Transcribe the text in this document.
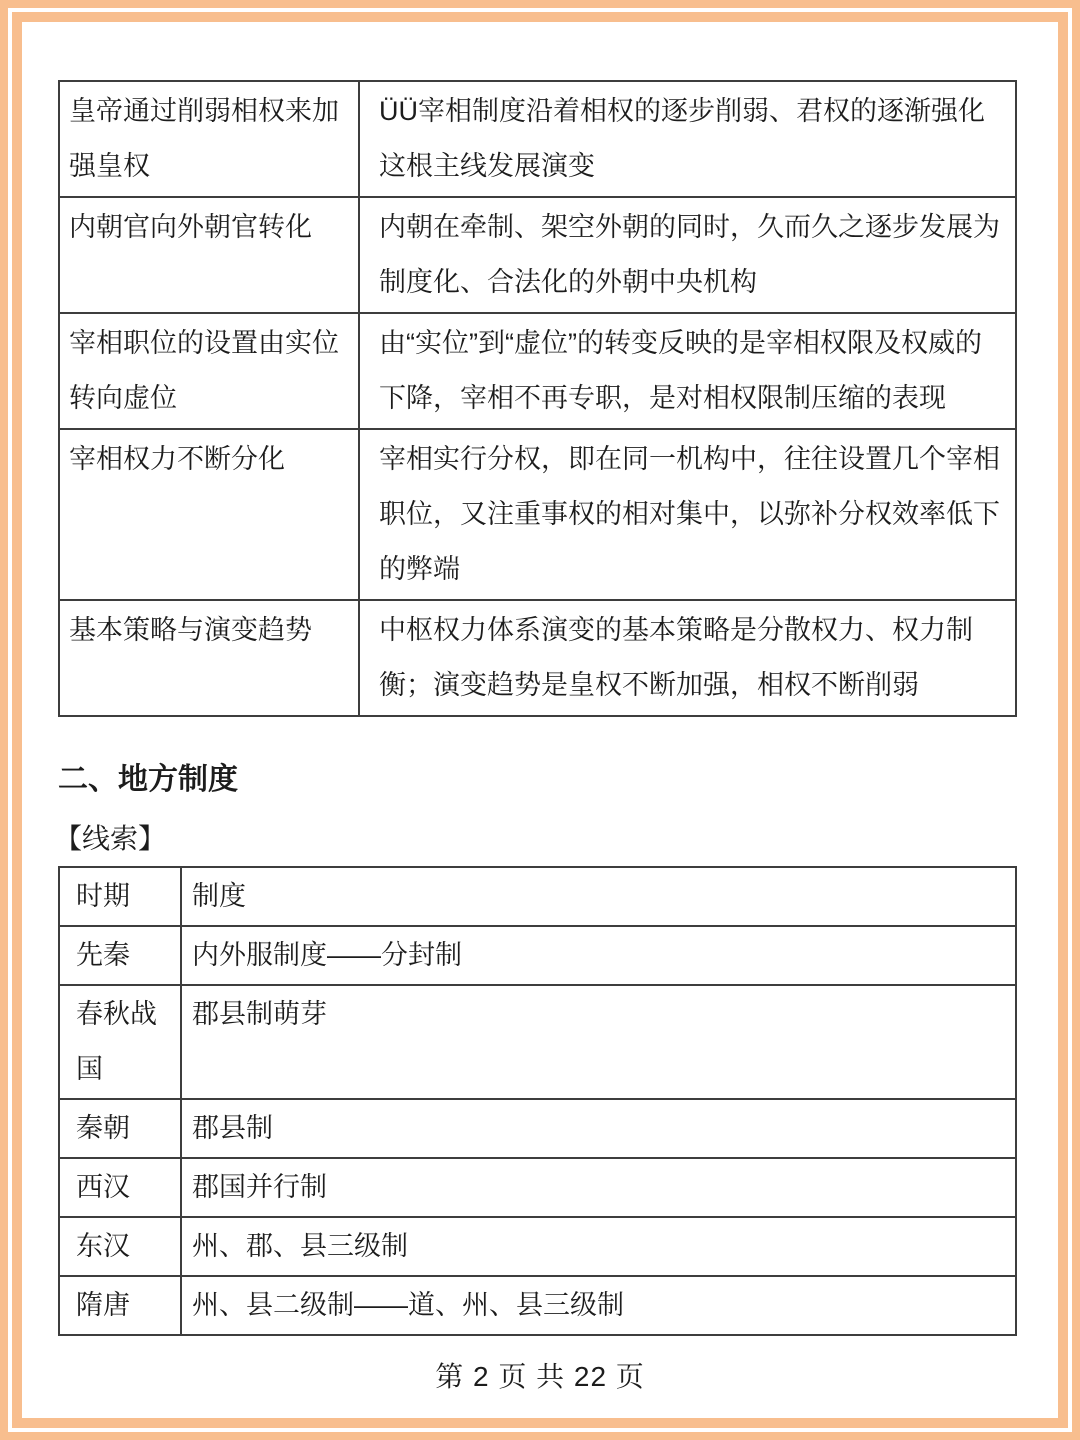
皇帝通过削弱相权来加强皇权	ÜÜ宰相制度沿着相权的逐步削弱、君权的逐渐强化这根主线发展演变
内朝官向外朝官转化	内朝在牵制、架空外朝的同时，久而久之逐步发展为制度化、合法化的外朝中央机构
宰相职位的设置由实位转向虚位	由“实位”到“虚位”的转变反映的是宰相权限及权威的下降，宰相不再专职，是对相权限制压缩的表现
宰相权力不断分化	宰相实行分权，即在同一机构中，往往设置几个宰相职位，又注重事权的相对集中，以弥补分权效率低下的弊端
基本策略与演变趋势	中枢权力体系演变的基本策略是分散权力、权力制衡；演变趋势是皇权不断加强，相权不断削弱
二、地方制度
【线索】
时期	制度
先秦	内外服制度——分封制
春秋战国	郡县制萌芽
秦朝	郡县制
西汉	郡国并行制
东汉	州、郡、县三级制
隋唐	州、县二级制——道、州、县三级制
第 2 页 共 22 页
